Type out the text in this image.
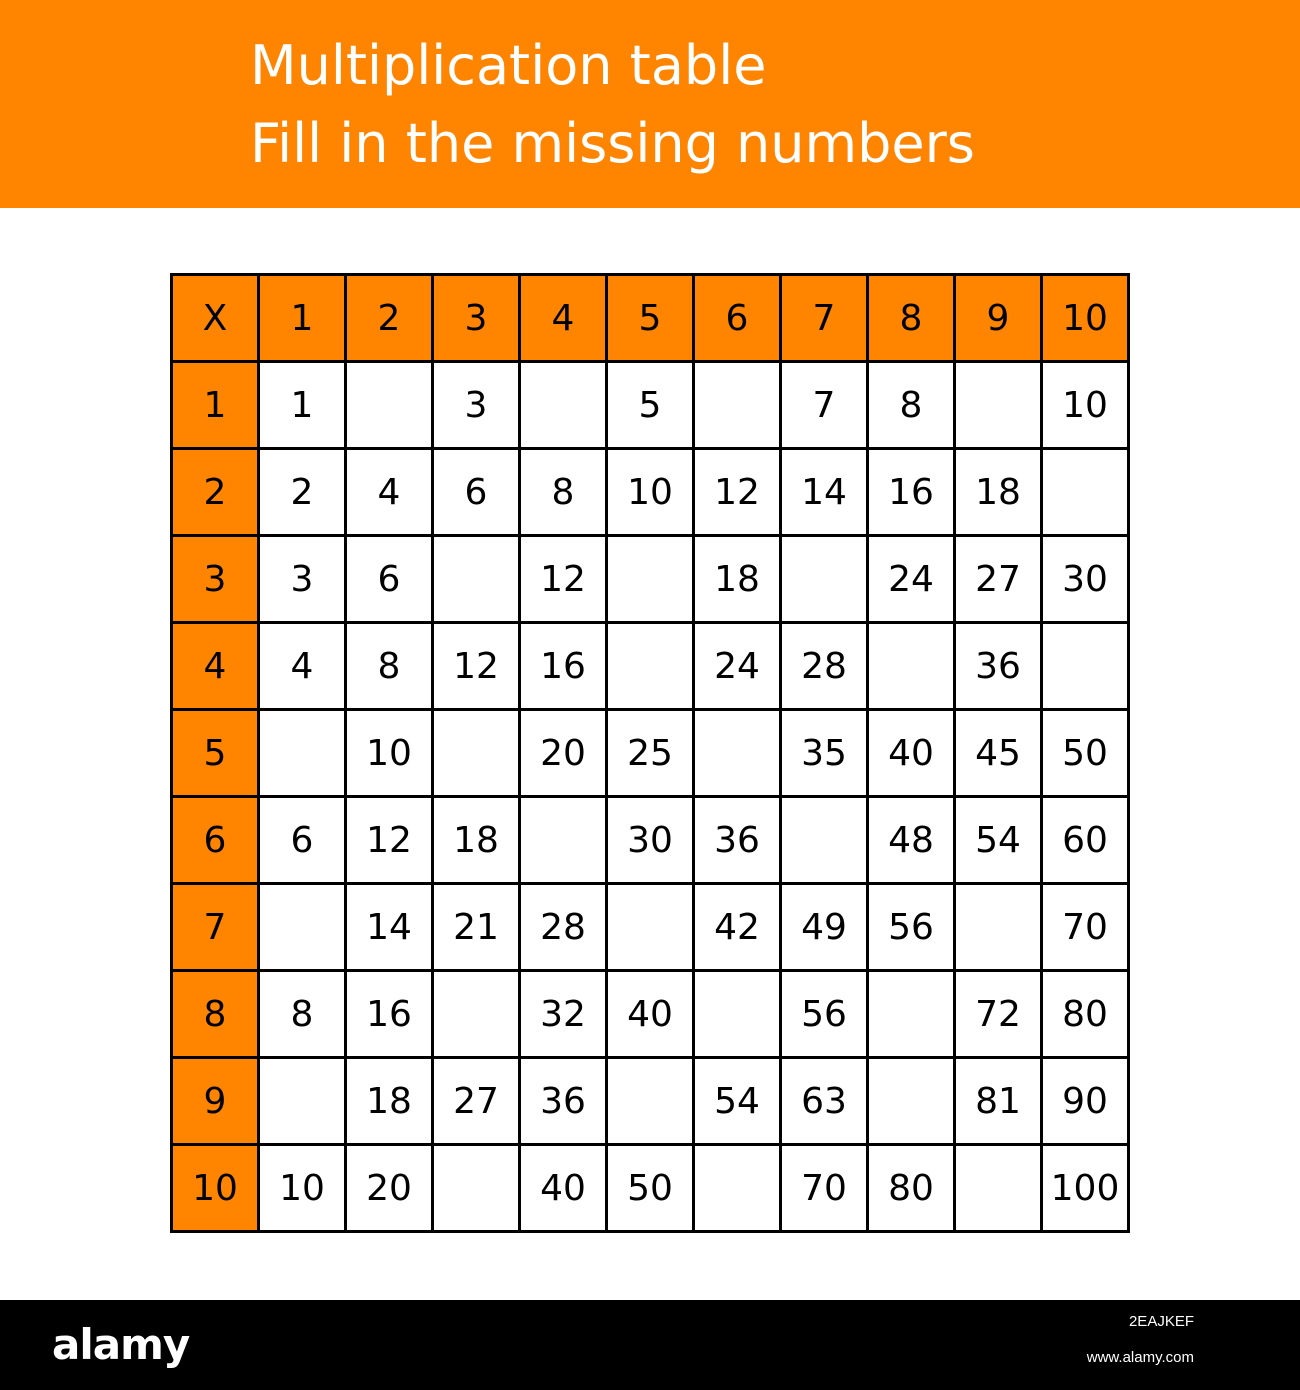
Multiplication table
Fill in the missing numbers
X	1	2	3	4	5	6	7	8	9	10
1	1		3		5		7	8		10
2	2	4	6	8	10	12	14	16	18	
3	3	6		12		18		24	27	30
4	4	8	12	16		24	28		36	
5		10		20	25		35	40	45	50
6	6	12	18		30	36		48	54	60
7		14	21	28		42	49	56		70
8	8	16		32	40		56		72	80
9		18	27	36		54	63		81	90
10	10	20		40	50		70	80		100
alamy	2EAJKEF
www.alamy.com
